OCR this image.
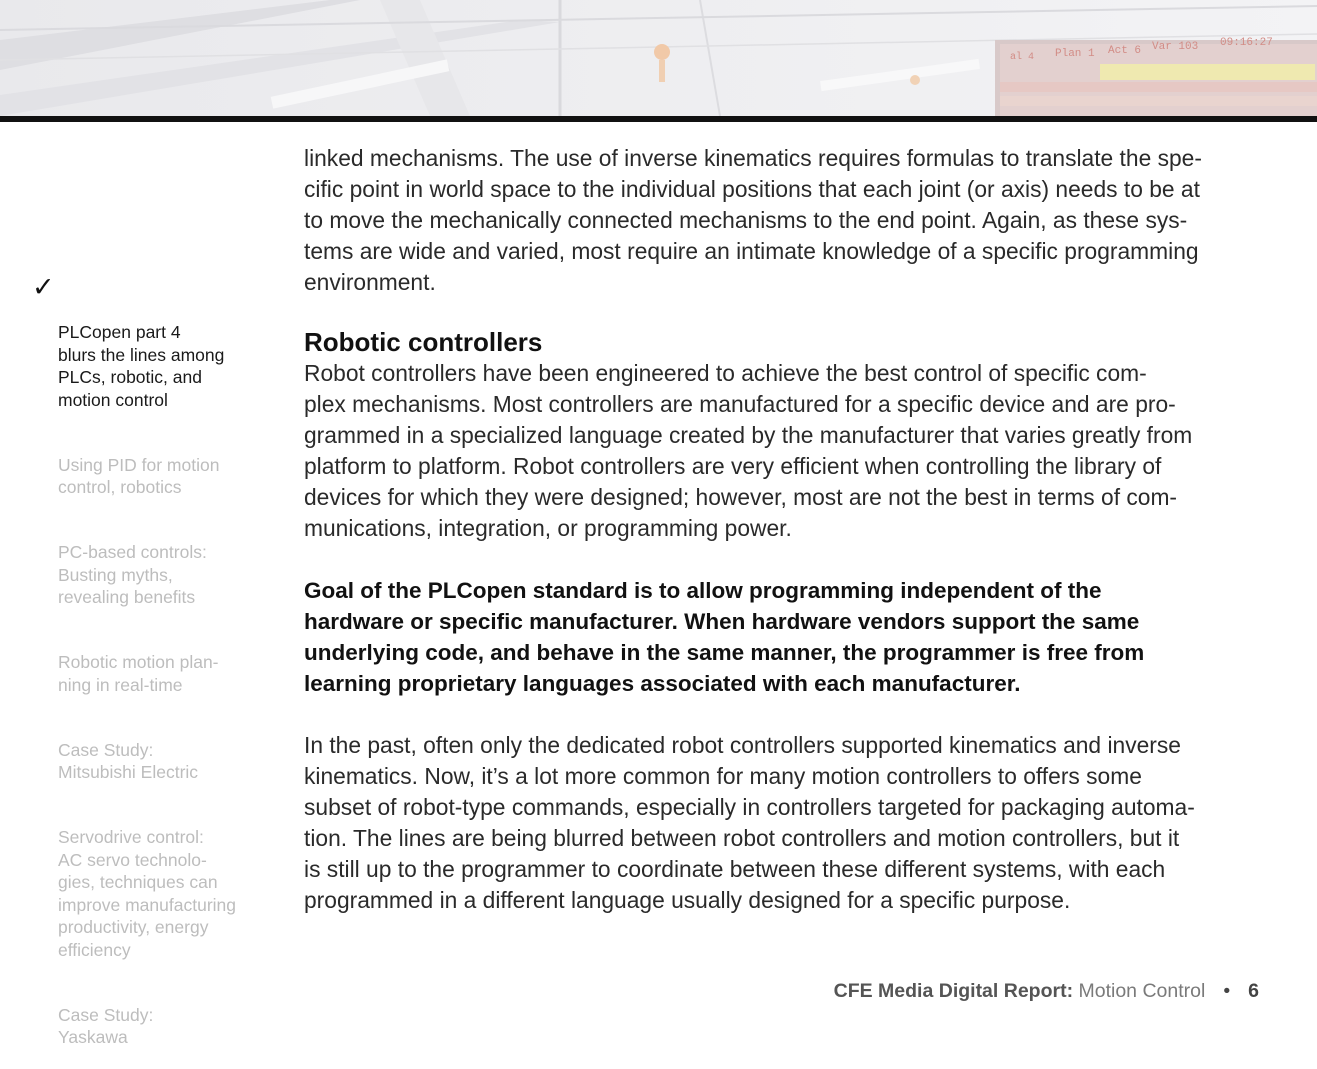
al 4 Plan 1 Act 6 Var 103 09:16:27

✓

PLCopen part 4
blurs the lines among
PLCs, robotic, and
motion control

Using PID for motion
control, robotics

PC-based controls:
Busting myths,
revealing benefits

Robotic motion plan-
ning in real-time

Case Study:
Mitsubishi Electric

Servodrive control:
AC servo technolo-
gies, techniques can
improve manufacturing
productivity, energy
efficiency

Case Study:
Yaskawa

linked mechanisms. The use of inverse kinematics requires formulas to translate the spe-
cific point in world space to the individual positions that each joint (or axis) needs to be at
to move the mechanically connected mechanisms to the end point. Again, as these sys-
tems are wide and varied, most require an intimate knowledge of a specific programming
environment.

Robotic controllers

Robot controllers have been engineered to achieve the best control of specific com-
plex mechanisms. Most controllers are manufactured for a specific device and are pro-
grammed in a specialized language created by the manufacturer that varies greatly from
platform to platform. Robot controllers are very efficient when controlling the library of
devices for which they were designed; however, most are not the best in terms of com-
munications, integration, or programming power.

Goal of the PLCopen standard is to allow programming independent of the
hardware or specific manufacturer. When hardware vendors support the same
underlying code, and behave in the same manner, the programmer is free from
learning proprietary languages associated with each manufacturer.

In the past, often only the dedicated robot controllers supported kinematics and inverse
kinematics. Now, it’s a lot more common for many motion controllers to offers some
subset of robot-type commands, especially in controllers targeted for packaging automa-
tion. The lines are being blurred between robot controllers and motion controllers, but it
is still up to the programmer to coordinate between these different systems, with each
programmed in a different language usually designed for a specific purpose.

CFE Media Digital Report: Motion Control • 6
